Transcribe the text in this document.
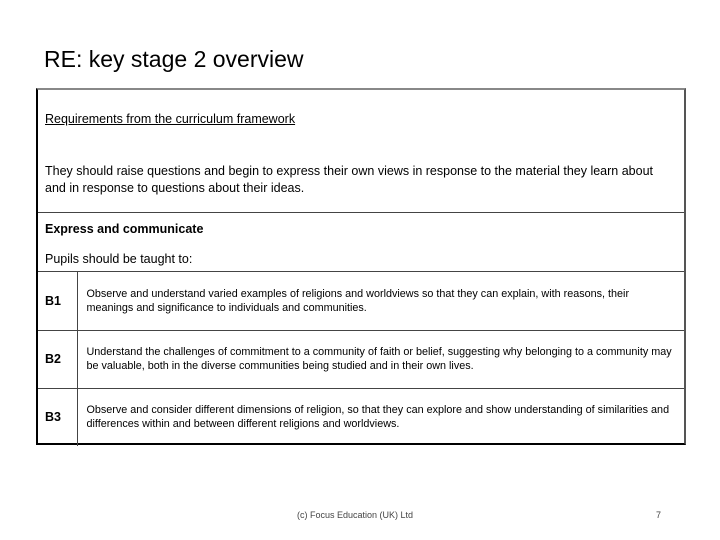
RE: key stage 2 overview
Requirements from the curriculum framework

They should raise questions and begin to express their own views in response to the material they learn about and in response to questions about their ideas.

Express and communicate
Pupils should be taught to:
B1	Observe and understand varied examples of religions and worldviews so that they can explain, with reasons, their meanings and significance to individuals and communities.
B2	Understand the challenges of commitment to a community of faith or belief, suggesting why belonging to a community may be valuable, both in the diverse communities being studied and in their own lives.
B3	Observe and consider different dimensions of religion, so that they can explore and show understanding of similarities and differences within and between different religions and worldviews.
(c) Focus Education (UK) Ltd	7
